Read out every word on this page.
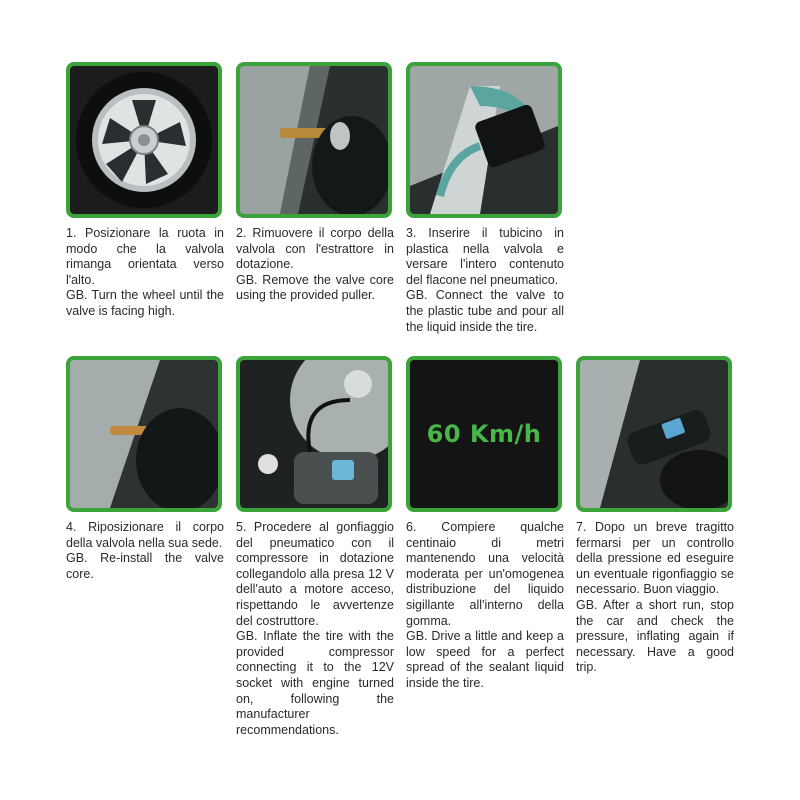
1. Posizionare la ruota in modo che la valvola rimanga orientata verso l'alto.

GB. Turn the wheel until the valve is facing high.

2. Rimuovere il corpo della valvola con l'estrattore in dotazione.

GB. Remove the valve core using the provided puller.

3. Inserire il tubicino in plastica nella valvola e versare l'intero contenuto del flacone nel pneumatico.

GB. Connect the valve to the plastic tube and pour all the liquid inside the tire.

60 Km/h

4. Riposizionare il corpo della valvola nella sua sede.

GB. Re-install the valve core.

5. Procedere al gonfiaggio del pneumatico con il compressore in dotazione collegandolo alla presa 12 V dell'auto a motore acceso, rispettando le avvertenze del costruttore.

GB. Inflate the tire with the provided compressor connecting it to the 12V socket with engine turned on, following the manufacturer recommendations.

6. Compiere qualche centinaio di metri mantenendo una velocità moderata per un'omogenea distribuzione del liquido sigillante all'interno della gomma.

GB. Drive a little and keep a low speed for a perfect spread of the sealant liquid inside the tire.

7. Dopo un breve tragitto fermarsi per un controllo della pressione ed eseguire un eventuale rigonfiaggio se necessario. Buon viaggio.

GB. After a short run, stop the car and check the pressure, inflating again if necessary. Have a good trip.
